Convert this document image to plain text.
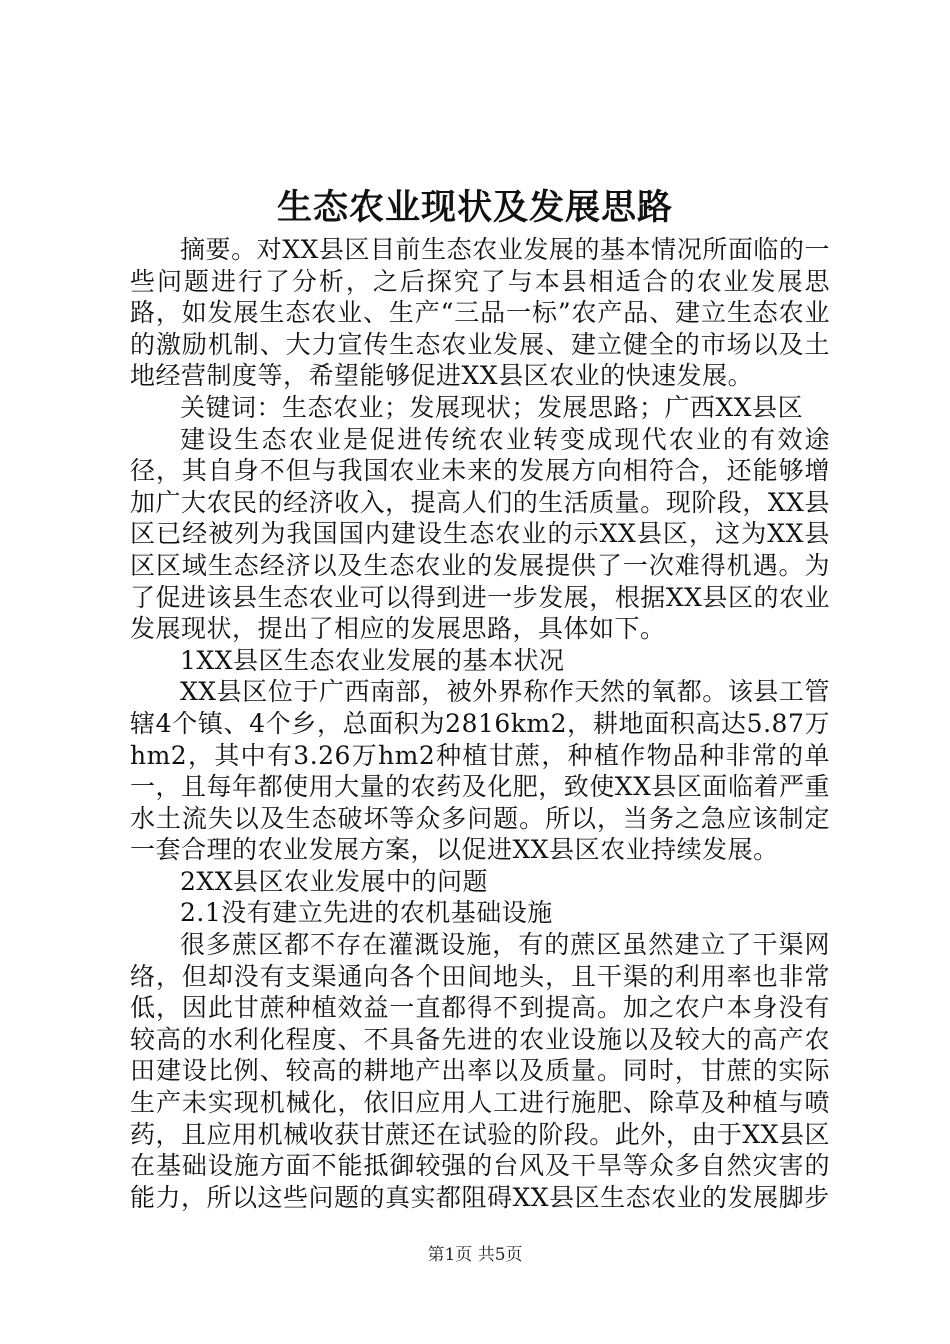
生态农业现状及发展思路

摘要。对XX县区目前生态农业发展的基本情况所面临的一些问题进行了分析，之后探究了与本县相适合的农业发展思路，如发展生态农业、生产“三品一标”农产品、建立生态农业的激励机制、大力宣传生态农业发展、建立健全的市场以及土地经营制度等，希望能够促进XX县区农业的快速发展。

关键词：生态农业；发展现状；发展思路；广西XX县区

建设生态农业是促进传统农业转变成现代农业的有效途径，其自身不但与我国农业未来的发展方向相符合，还能够增加广大农民的经济收入，提高人们的生活质量。现阶段，XX县区已经被列为我国国内建设生态农业的示XX县区，这为XX县区区域生态经济以及生态农业的发展提供了一次难得机遇。为了促进该县生态农业可以得到进一步发展，根据XX县区的农业发展现状，提出了相应的发展思路，具体如下。

1XX县区生态农业发展的基本状况

XX县区位于广西南部，被外界称作天然的氧都。该县工管辖4个镇、4个乡，总面积为2816km2，耕地面积高达5.87万hm2，其中有3.26万hm2种植甘蔗，种植作物品种非常的单一，且每年都使用大量的农药及化肥，致使XX县区面临着严重水土流失以及生态破坏等众多问题。所以，当务之急应该制定一套合理的农业发展方案，以促进XX县区农业持续发展。

2XX县区农业发展中的问题

2.1没有建立先进的农机基础设施

很多蔗区都不存在灌溉设施，有的蔗区虽然建立了干渠网络，但却没有支渠通向各个田间地头，且干渠的利用率也非常低，因此甘蔗种植效益一直都得不到提高。加之农户本身没有较高的水利化程度、不具备先进的农业设施以及较大的高产农田建设比例、较高的耕地产出率以及质量。同时，甘蔗的实际生产未实现机械化，依旧应用人工进行施肥、除草及种植与喷药，且应用机械收获甘蔗还在试验的阶段。此外，由于XX县区在基础设施方面不能抵御较强的台风及干旱等众多自然灾害的能力，所以这些问题的真实都阻碍XX县区生态农业的发展脚步

第1页 共5页
